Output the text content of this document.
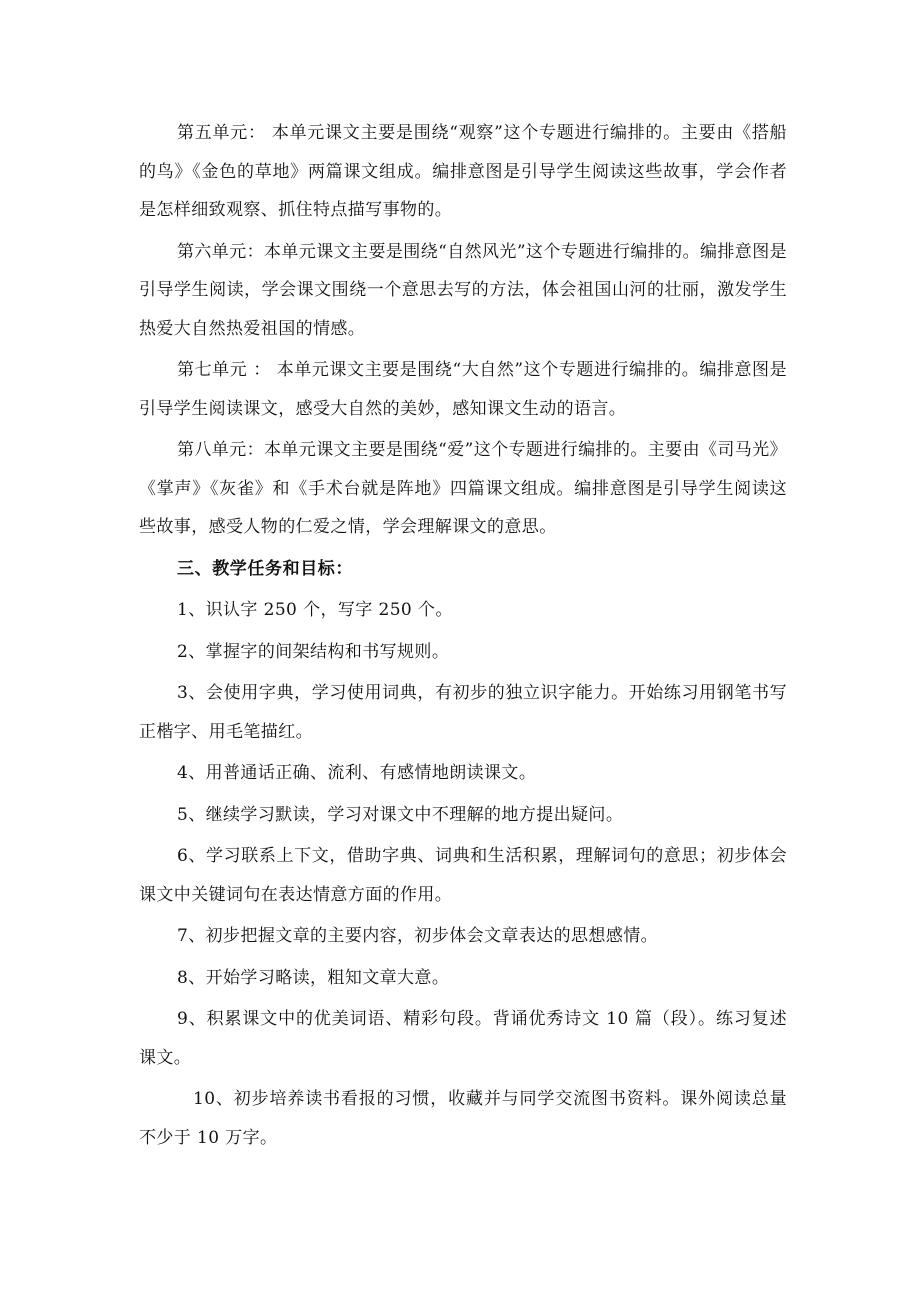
第五单元： 本单元课文主要是围绕“观察”这个专题进行编排的。主要由《搭船的鸟》《金色的草地》两篇课文组成。编排意图是引导学生阅读这些故事，学会作者是怎样细致观察、抓住特点描写事物的。

第六单元：本单元课文主要是围绕“自然风光”这个专题进行编排的。编排意图是引导学生阅读，学会课文围绕一个意思去写的方法，体会祖国山河的壮丽，激发学生热爱大自然热爱祖国的情感。

第七单元 ： 本单元课文主要是围绕“大自然”这个专题进行编排的。编排意图是引导学生阅读课文，感受大自然的美妙，感知课文生动的语言。

第八单元：本单元课文主要是围绕“爱”这个专题进行编排的。主要由《司马光》《掌声》《灰雀》和《手术台就是阵地》四篇课文组成。编排意图是引导学生阅读这些故事，感受人物的仁爱之情，学会理解课文的意思。

三、教学任务和目标：

1、识认字 250 个，写字 250 个。

2、掌握字的间架结构和书写规则。

3、会使用字典，学习使用词典，有初步的独立识字能力。开始练习用钢笔书写正楷字、用毛笔描红。

4、用普通话正确、流利、有感情地朗读课文。

5、继续学习默读，学习对课文中不理解的地方提出疑问。

6、学习联系上下文，借助字典、词典和生活积累，理解词句的意思；初步体会课文中关键词句在表达情意方面的作用。

7、初步把握文章的主要内容，初步体会文章表达的思想感情。

8、开始学习略读，粗知文章大意。

9、积累课文中的优美词语、精彩句段。背诵优秀诗文 10 篇（段）。练习复述课文。

10、初步培养读书看报的习惯，收藏并与同学交流图书资料。课外阅读总量不少于 10 万字。
